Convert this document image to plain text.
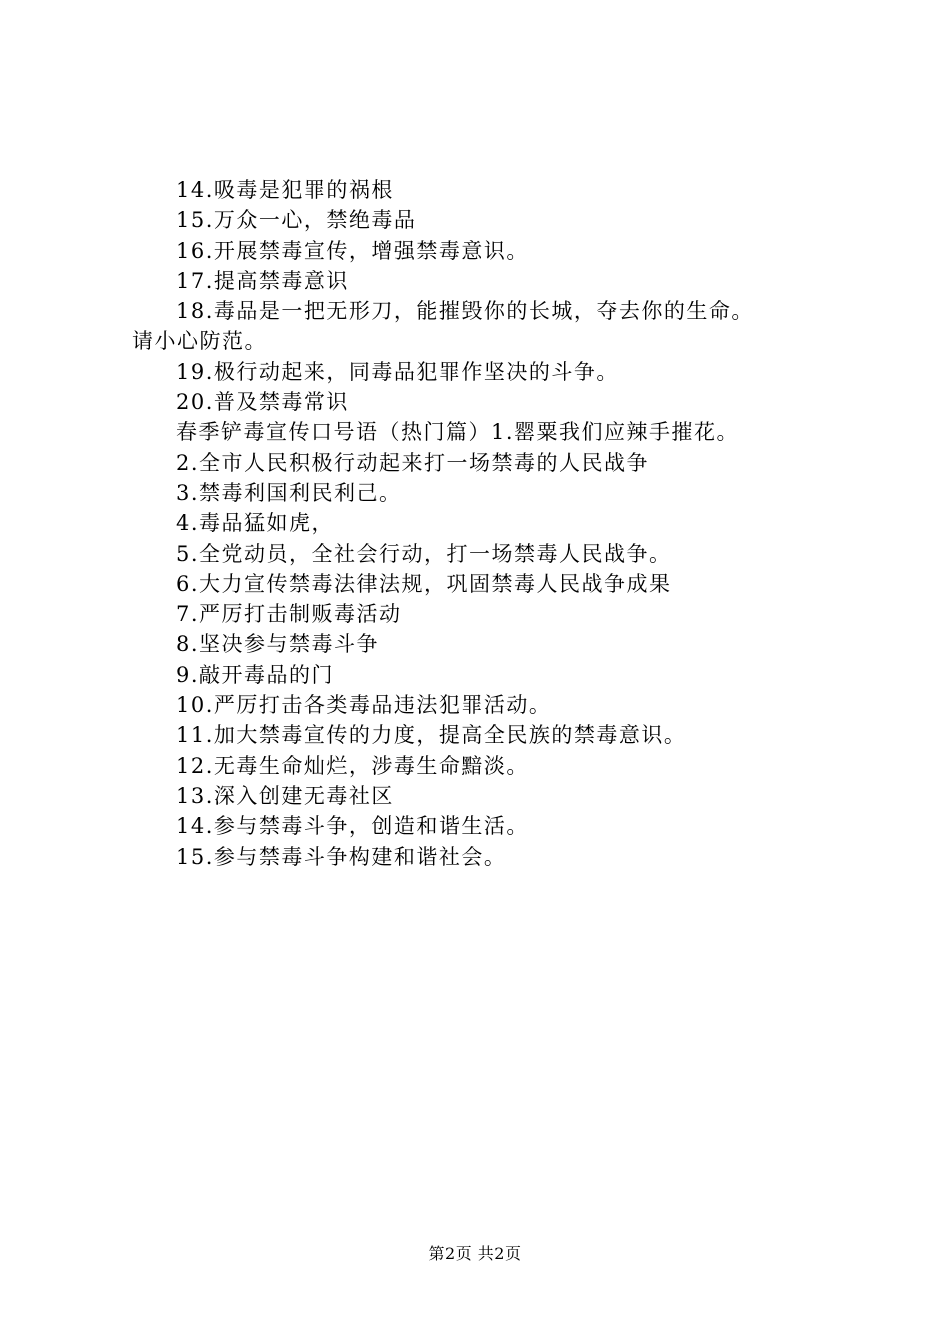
14.吸毒是犯罪的祸根
15.万众一心，禁绝毒品
16.开展禁毒宣传，增强禁毒意识。
17.提高禁毒意识
18.毒品是一把无形刀，能摧毁你的长城，夺去你的生命。
请小心防范。
19.极行动起来，同毒品犯罪作坚决的斗争。
20.普及禁毒常识
春季铲毒宣传口号语（热门篇）1.罂粟我们应辣手摧花。
2.全市人民积极行动起来打一场禁毒的人民战争
3.禁毒利国利民利己。
4.毒品猛如虎，
5.全党动员，全社会行动，打一场禁毒人民战争。
6.大力宣传禁毒法律法规，巩固禁毒人民战争成果
7.严厉打击制贩毒活动
8.坚决参与禁毒斗争
9.敲开毒品的门
10.严厉打击各类毒品违法犯罪活动。
11.加大禁毒宣传的力度，提高全民族的禁毒意识。
12.无毒生命灿烂，涉毒生命黯淡。
13.深入创建无毒社区
14.参与禁毒斗争，创造和谐生活。
15.参与禁毒斗争构建和谐社会。
第2页 共2页
